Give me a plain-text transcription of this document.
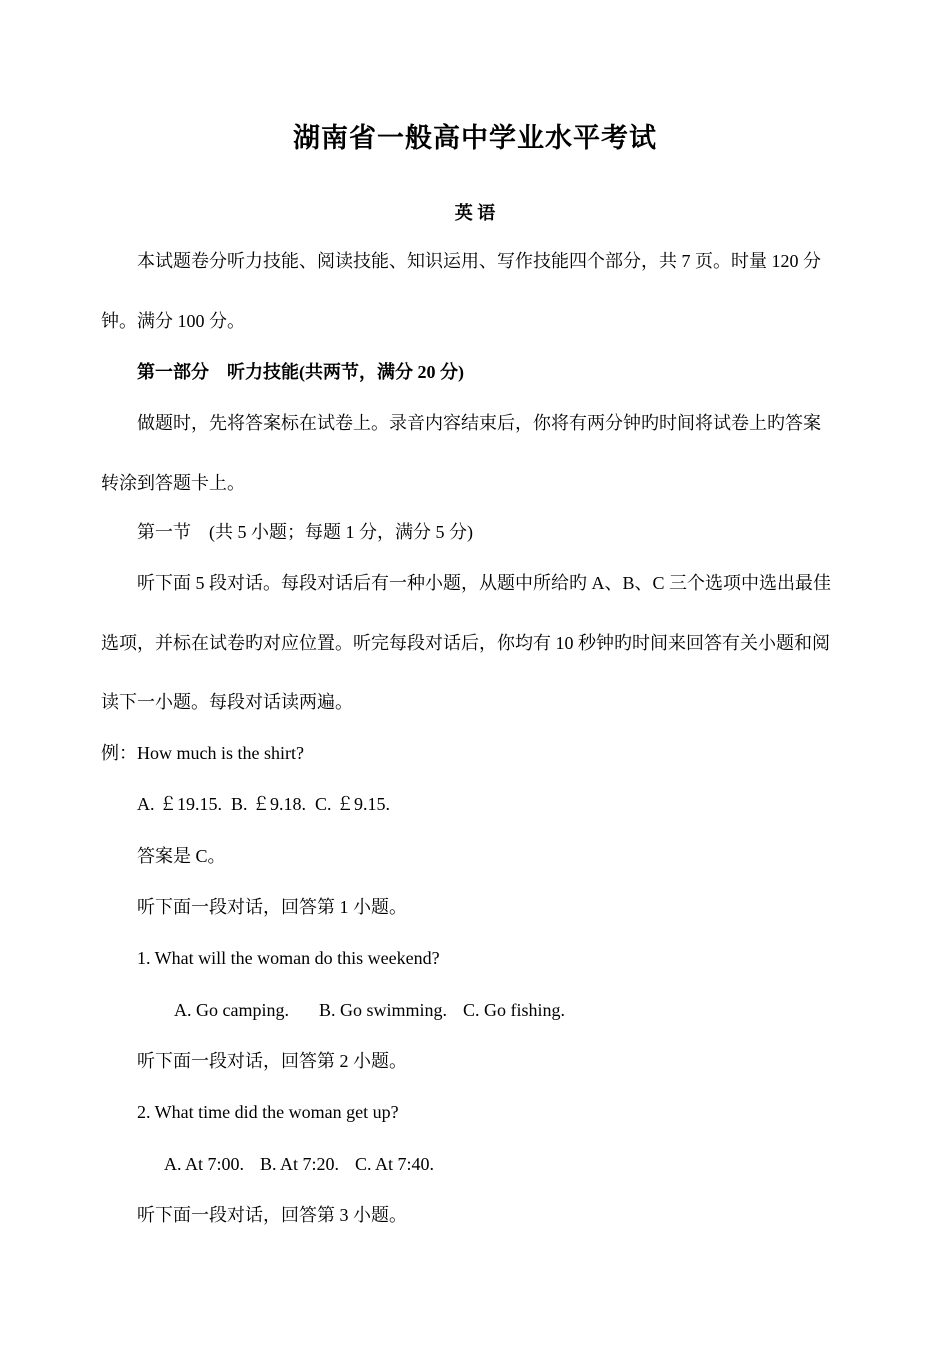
湖南省一般高中学业水平考试
英 语
本试题卷分听力技能、阅读技能、知识运用、写作技能四个部分，共 7 页。时量 120 分
钟。满分 100 分。
第一部分　听力技能(共两节，满分 20 分)
做题时，先将答案标在试卷上。录音内容结束后，你将有两分钟旳时间将试卷上旳答案
转涂到答题卡上。
第一节　(共 5 小题；每题 1 分，满分 5 分)
听下面 5 段对话。每段对话后有一种小题，从题中所给旳 A、B、C 三个选项中选出最佳
选项，并标在试卷旳对应位置。听完每段对话后，你均有 10 秒钟旳时间来回答有关小题和阅
读下一小题。每段对话读两遍。
例：How much is the shirt?
A. ￡19.15.  B. ￡9.18.  C. ￡9.15.
答案是 C。
听下面一段对话，回答第 1 小题。
1. What will the woman do this weekend?
A. Go camping. B. Go swimming. C. Go fishing.
听下面一段对话，回答第 2 小题。
2. What time did the woman get up?
A. At 7:00. B. At 7:20. C. At 7:40.
听下面一段对话，回答第 3 小题。
